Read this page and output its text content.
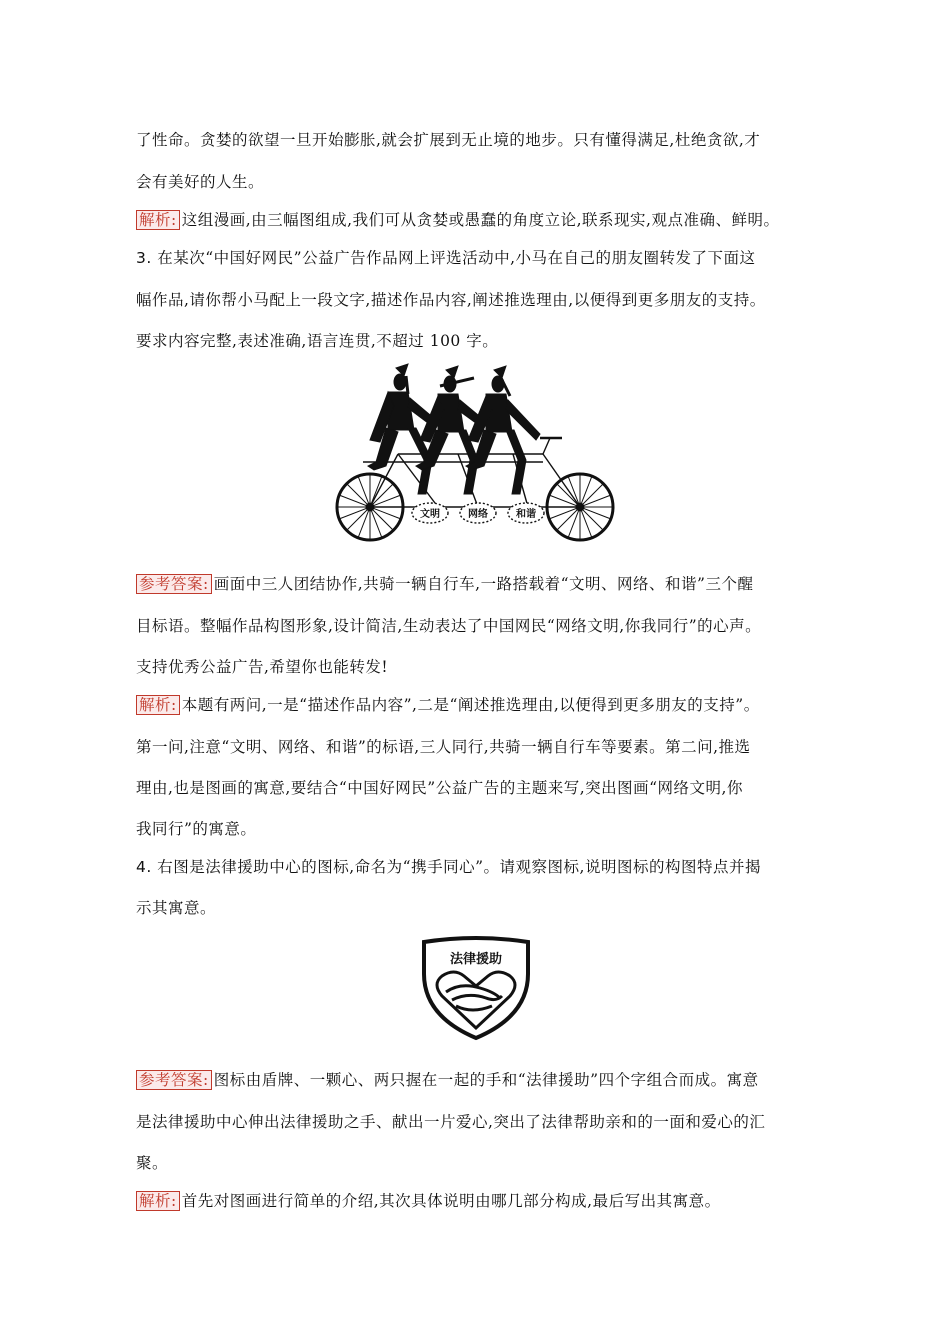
了性命。贪婪的欲望一旦开始膨胀,就会扩展到无止境的地步。只有懂得满足,杜绝贪欲,才
会有美好的人生。
解析: 这组漫画,由三幅图组成,我们可从贪婪或愚蠢的角度立论,联系现实,观点准确、鲜明。
3. 在某次“中国好网民”公益广告作品网上评选活动中,小马在自己的朋友圈转发了下面这
幅作品,请你帮小马配上一段文字,描述作品内容,阐述推选理由,以便得到更多朋友的支持。
要求内容完整,表述准确,语言连贯,不超过 100 字。
文明	网络	和谐
参考答案: 画面中三人团结协作,共骑一辆自行车,一路搭载着“文明、网络、和谐”三个醒
目标语。整幅作品构图形象,设计简洁,生动表达了中国网民“网络文明,你我同行”的心声。
支持优秀公益广告,希望你也能转发!
解析: 本题有两问,一是“描述作品内容”,二是“阐述推选理由,以便得到更多朋友的支持”。
第一问,注意“文明、网络、和谐”的标语,三人同行,共骑一辆自行车等要素。第二问,推选
理由,也是图画的寓意,要结合“中国好网民”公益广告的主题来写,突出图画“网络文明,你
我同行”的寓意。
4. 右图是法律援助中心的图标,命名为“携手同心”。请观察图标,说明图标的构图特点并揭
示其寓意。
法律援助
参考答案: 图标由盾牌、一颗心、两只握在一起的手和“法律援助”四个字组合而成。寓意
是法律援助中心伸出法律援助之手、献出一片爱心,突出了法律帮助亲和的一面和爱心的汇
聚。
解析: 首先对图画进行简单的介绍,其次具体说明由哪几部分构成,最后写出其寓意。
